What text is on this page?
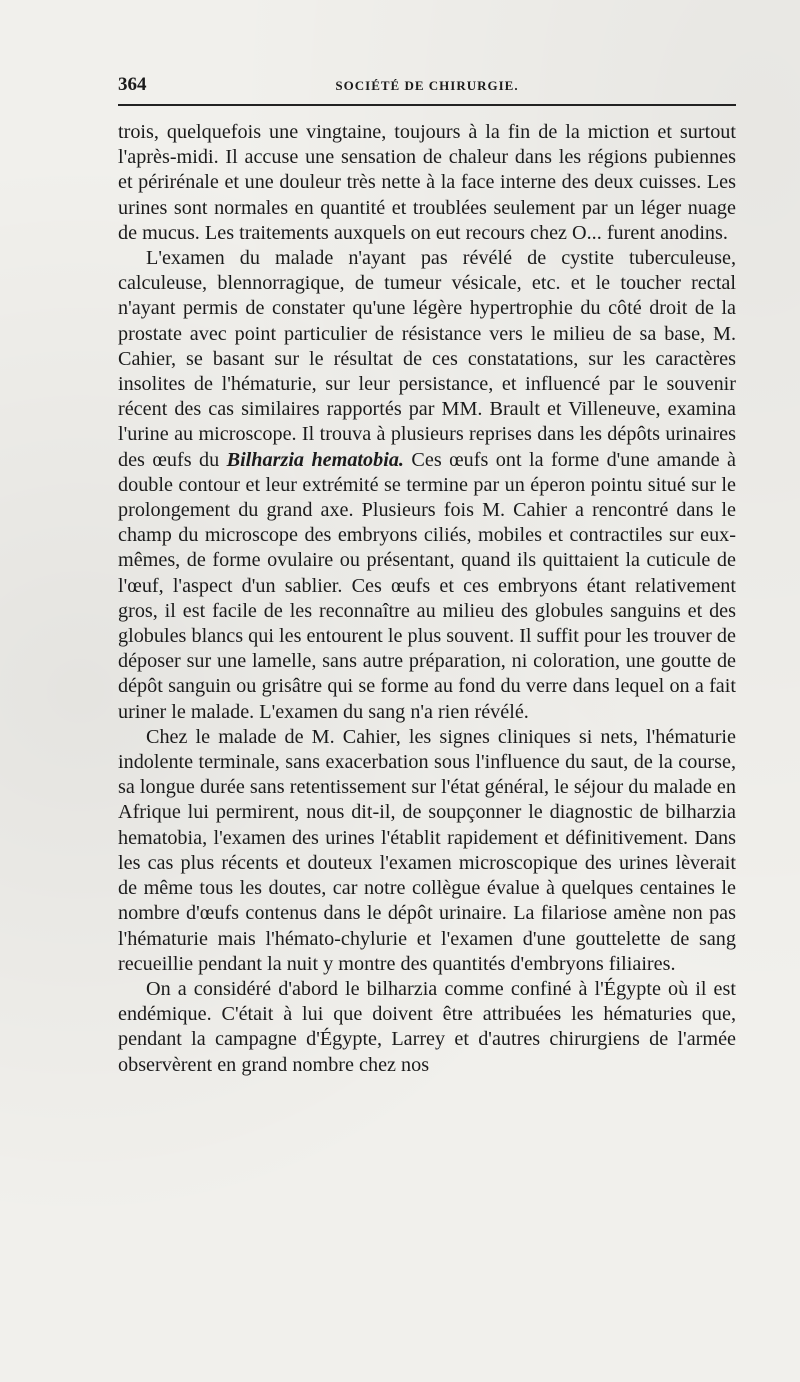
364	SOCIÉTÉ DE CHIRURGIE.

trois, quelquefois une vingtaine, toujours à la fin de la miction et surtout l'après-midi. Il accuse une sensation de chaleur dans les régions pubiennes et périrénale et une douleur très nette à la face interne des deux cuisses. Les urines sont normales en quantité et troublées seulement par un léger nuage de mucus. Les traitements auxquels on eut recours chez O... furent anodins.

L'examen du malade n'ayant pas révélé de cystite tuberculeuse, calculeuse, blennorragique, de tumeur vésicale, etc. et le toucher rectal n'ayant permis de constater qu'une légère hypertrophie du côté droit de la prostate avec point particulier de résistance vers le milieu de sa base, M. Cahier, se basant sur le résultat de ces constatations, sur les caractères insolites de l'hématurie, sur leur persistance, et influencé par le souvenir récent des cas similaires rapportés par MM. Brault et Villeneuve, examina l'urine au microscope. Il trouva à plusieurs reprises dans les dépôts urinaires des œufs du Bilharzia hematobia. Ces œufs ont la forme d'une amande à double contour et leur extrémité se termine par un éperon pointu situé sur le prolongement du grand axe. Plusieurs fois M. Cahier a rencontré dans le champ du microscope des embryons ciliés, mobiles et contractiles sur eux-mêmes, de forme ovulaire ou présentant, quand ils quittaient la cuticule de l'œuf, l'aspect d'un sablier. Ces œufs et ces embryons étant relativement gros, il est facile de les reconnaître au milieu des globules sanguins et des globules blancs qui les entourent le plus souvent. Il suffit pour les trouver de déposer sur une lamelle, sans autre préparation, ni coloration, une goutte de dépôt sanguin ou grisâtre qui se forme au fond du verre dans lequel on a fait uriner le malade. L'examen du sang n'a rien révélé.

Chez le malade de M. Cahier, les signes cliniques si nets, l'hématurie indolente terminale, sans exacerbation sous l'influence du saut, de la course, sa longue durée sans retentissement sur l'état général, le séjour du malade en Afrique lui permirent, nous dit-il, de soupçonner le diagnostic de bilharzia hematobia, l'examen des urines l'établit rapidement et définitivement. Dans les cas plus récents et douteux l'examen microscopique des urines lèverait de même tous les doutes, car notre collègue évalue à quelques centaines le nombre d'œufs contenus dans le dépôt urinaire. La filariose amène non pas l'hématurie mais l'hémato-chylurie et l'examen d'une gouttelette de sang recueillie pendant la nuit y montre des quantités d'embryons filiaires.

On a considéré d'abord le bilharzia comme confiné à l'Égypte où il est endémique. C'était à lui que doivent être attribuées les hématuries que, pendant la campagne d'Égypte, Larrey et d'autres chirurgiens de l'armée observèrent en grand nombre chez nos
